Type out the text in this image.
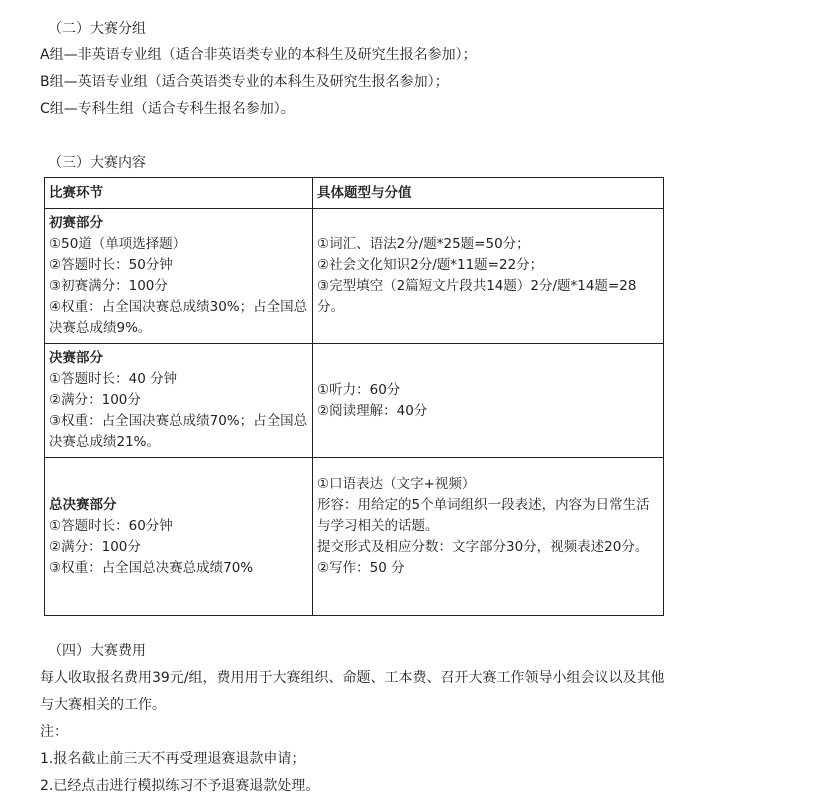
（二）大赛分组

A组—非英语专业组（适合非英语类专业的本科生及研究生报名参加）；

B组—英语专业组（适合英语类专业的本科生及研究生报名参加）；

C组—专科生组（适合专科生报名参加）。

（三）大赛内容

比赛环节	具体题型与分值

初赛部分
①50道（单项选择题）
②答题时长：50分钟
③初赛满分：100分
④权重：占全国决赛总成绩30%；占全国总决赛总成绩9%。	①词汇、语法2分/题*25题=50分；
②社会文化知识2分/题*11题=22分；
③完型填空（2篇短文片段共14题）2分/题*14题=28分。

决赛部分
①答题时长：40 分钟
②满分：100分
③权重：占全国决赛总成绩70%；占全国总决赛总成绩21%。	①听力：60分
②阅读理解：40分

总决赛部分
①答题时长：60分钟
②满分：100分
③权重：占全国总决赛总成绩70%	①口语表达（文字+视频）
形容：用给定的5个单词组织一段表述，内容为日常生活与学习相关的话题。
提交形式及相应分数：文字部分30分，视频表述20分。
②写作：50 分

（四）大赛费用

每人收取报名费用39元/组，费用用于大赛组织、命题、工本费、召开大赛工作领导小组会议以及其他

与大赛相关的工作。

注：

1.报名截止前三天不再受理退赛退款申请；

2.已经点击进行模拟练习不予退赛退款处理。
